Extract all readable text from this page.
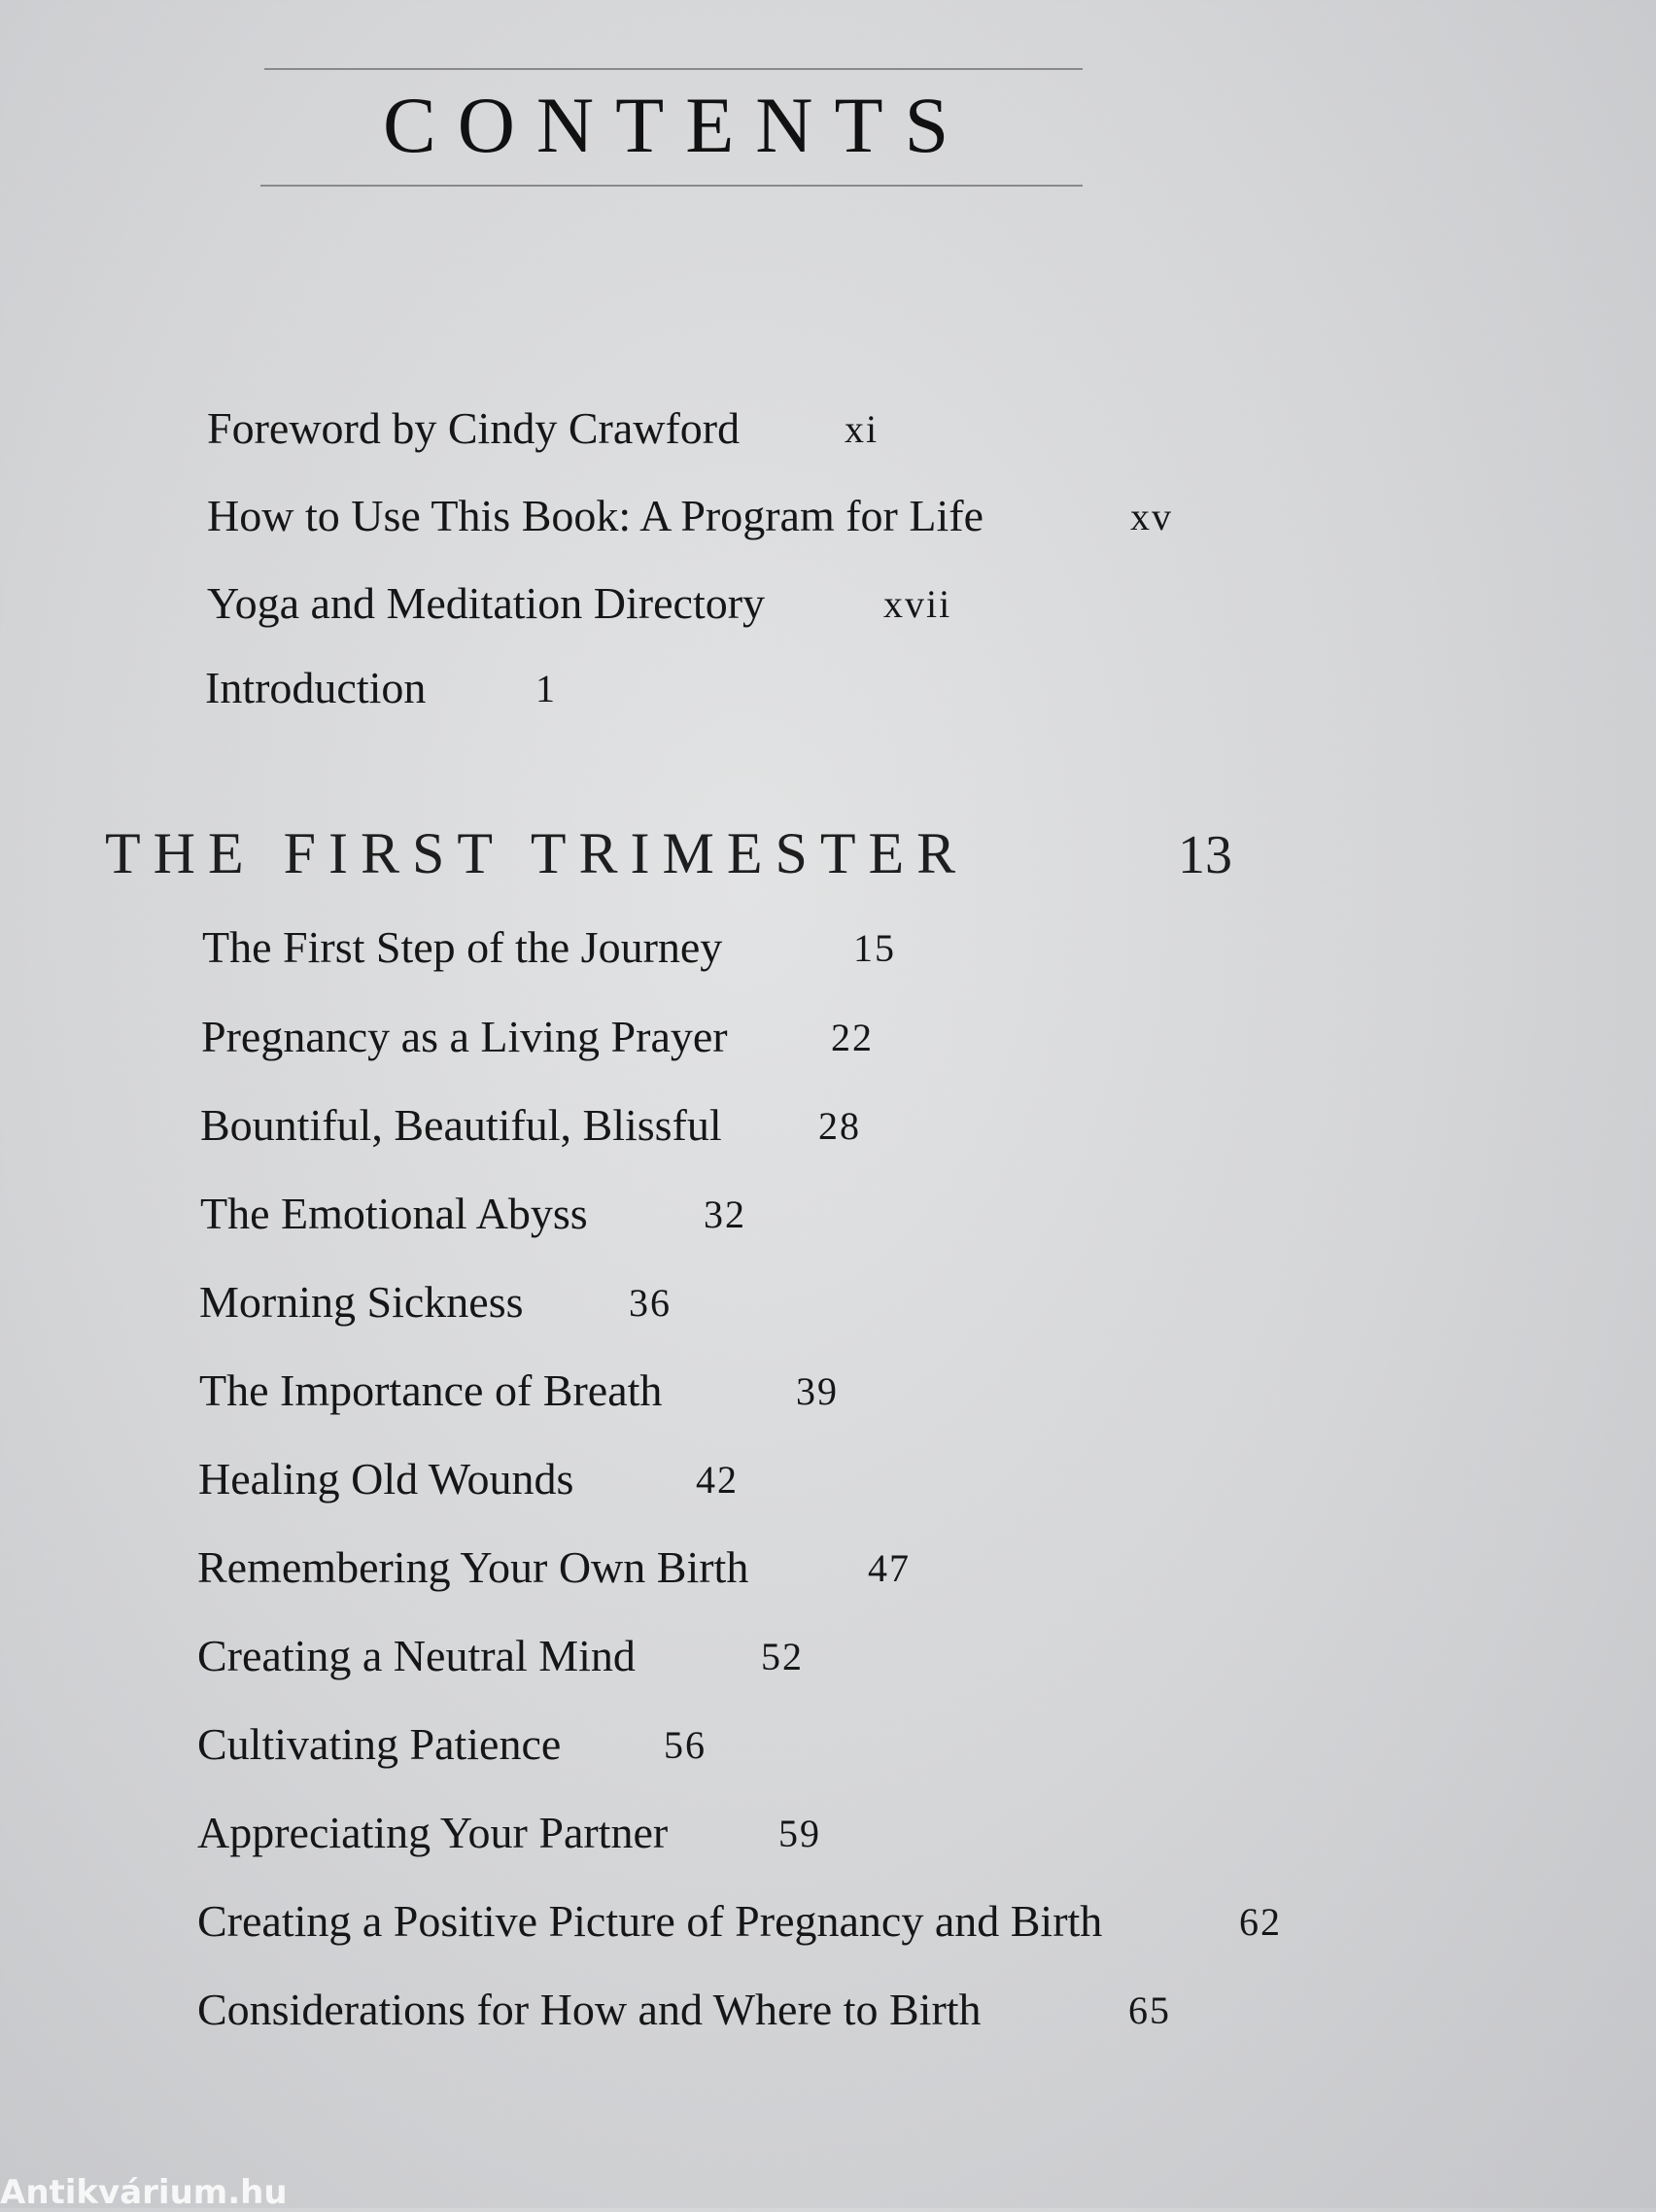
CONTENTS
Foreword by Cindy Crawford	xi
How to Use This Book: A Program for Life	xv
Yoga and Meditation Directory	xvii
Introduction	1
THE FIRST TRIMESTER	13
The First Step of the Journey	15
Pregnancy as a Living Prayer	22
Bountiful, Beautiful, Blissful 28
The Emotional Abyss	32
Morning Sickness	36
The Importance of Breath	39
Healing Old Wounds	42
Remembering Your Own Birth	47
Creating a Neutral Mind	52
Cultivating Patience	56
Appreciating Your Partner	59
Creating a Positive Picture of Pregnancy and Birth	62
Considerations for How and Where to Birth	65
Antikvárium.hu
